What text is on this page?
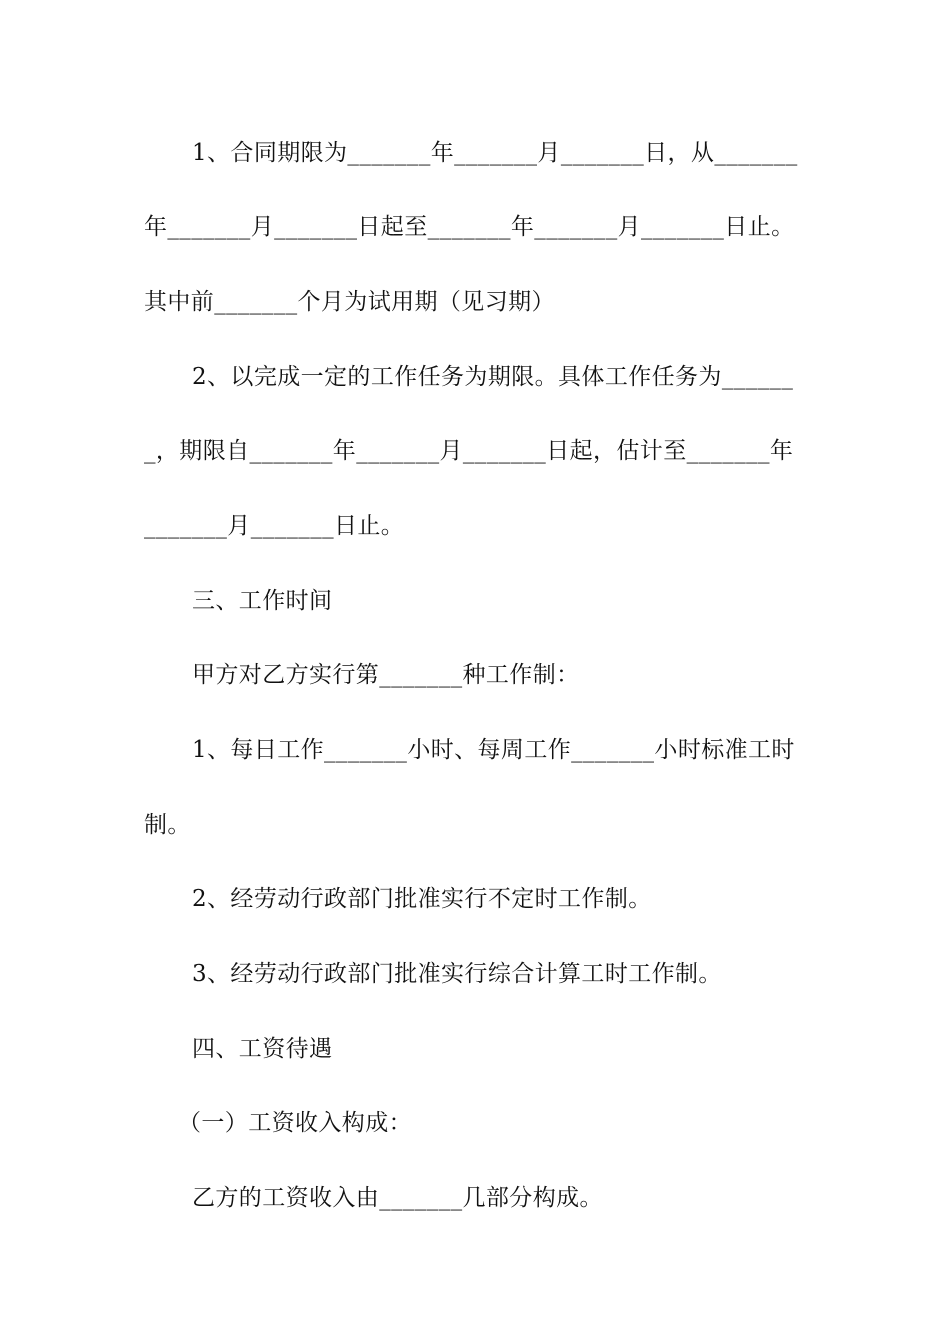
1、合同期限为_______年_______月_______日，从_______
年_______月_______日起至_______年_______月_______日止。
其中前_______个月为试用期（见习期）
2、以完成一定的工作任务为期限。具体工作任务为______
_，期限自_______年_______月_______日起，估计至_______年
_______月_______日止。
三、工作时间
甲方对乙方实行第_______种工作制：
1、每日工作_______小时、每周工作_______小时标准工时
制。
2、经劳动行政部门批准实行不定时工作制。
3、经劳动行政部门批准实行综合计算工时工作制。
四、工资待遇
（一）工资收入构成：
乙方的工资收入由_______几部分构成。
